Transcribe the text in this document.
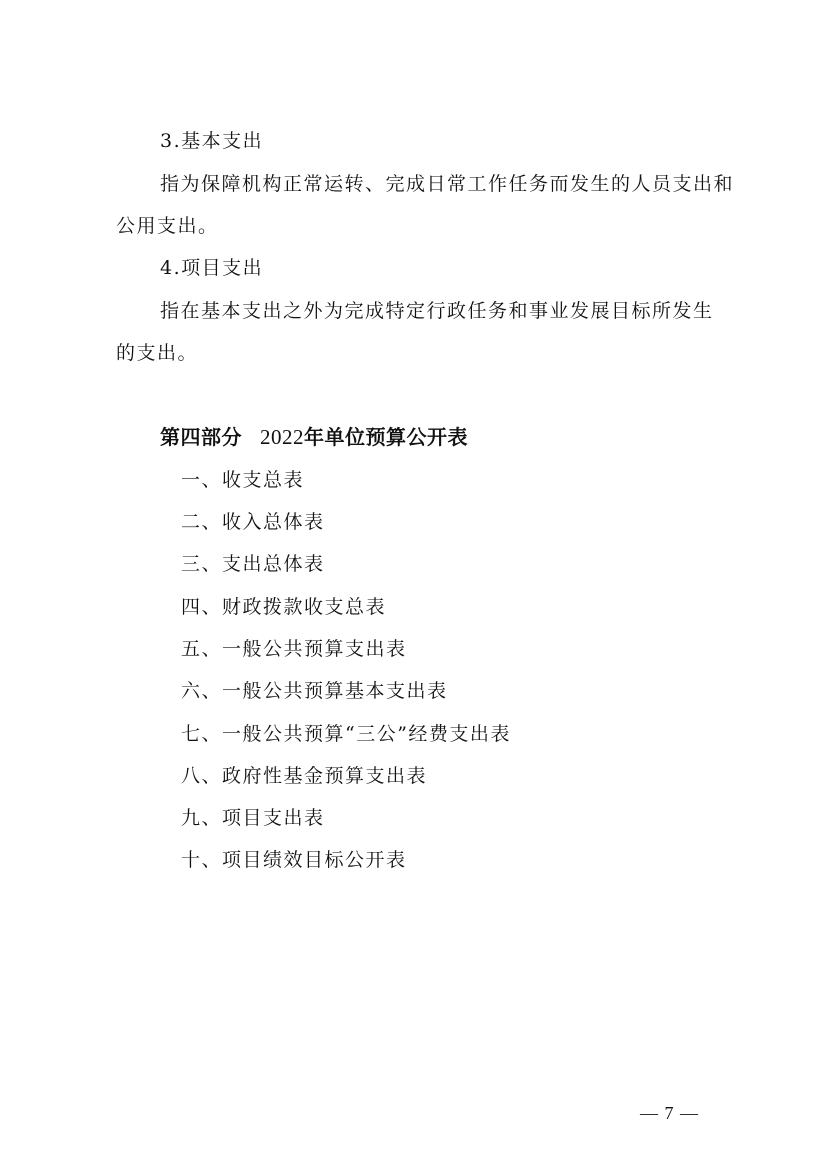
3.基本支出

指为保障机构正常运转、完成日常工作任务而发生的人员支出和

公用支出。

4.项目支出

指在基本支出之外为完成特定行政任务和事业发展目标所发生

的支出。

第四部分 2022年单位预算公开表

一、收支总表
二、收入总体表
三、支出总体表
四、财政拨款收支总表
五、一般公共预算支出表
六、一般公共预算基本支出表
七、一般公共预算“三公”经费支出表
八、政府性基金预算支出表
九、项目支出表
十、项目绩效目标公开表
— 7 —
